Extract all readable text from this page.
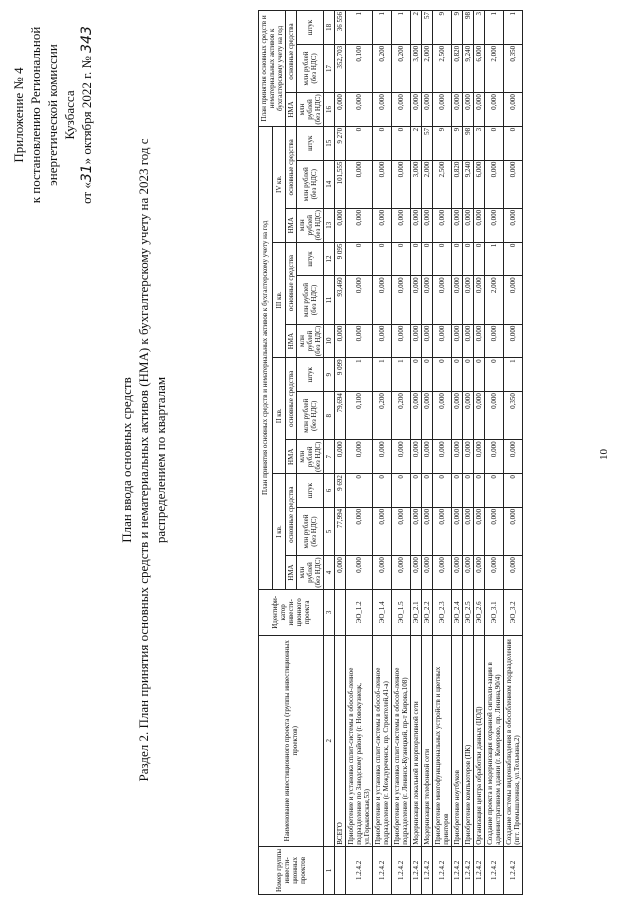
10
Приложение № 4 к постановлению Региональной энергетической комиссии Кузбасса
от «31» октября 2022 г. № 343
План ввода основных средств Раздел 2. План принятия основных средств и нематериальных активов (НМА) к бухгалтерскому учету на 2023 год с распределением по кварталам
Номер группы инвести-ционных проектов	Наименование инвестиционного проекта (группы инвестиционных проектов)	Идентифи-катор инвести-ционного проекта	План принятия основных средств и нематериальных активов к бухгалтерскому учету на год												План принятия основных средств и нематериальных активов к бухгалтерскому учету на год		
			I кв.			II кв.			III кв.			IV кв.					
			НМА	основные средства		НМА	основные средства		НМА	основные средства		НМА	основные средства		НМА	основные средства	
			млн рублей (без НДС)	млн рублей (без НДС)	штук	млн рублей (без НДС)	млн рублей (без НДС)	штук	млн рублей (без НДС)	млн рублей (без НДС)	штук	млн рублей (без НДС)	млн рублей (без НДС)	штук	млн рублей (без НДС)	млн рублей (без НДС)	штук
1	2	3	4	5	6	7	8	9	10	11	12	13	14	15	16	17	18
	ВСЕГО		0,000	77,994	9 692	0,000	79,694	9 099	0,000	93,460	9 095	0,000	101,555	9 270	0,000	352,703	36 556
1.2.4.2	Приобретение и установка сплит-системы в обособ-ленное подразделение по Заводскому району (г. Новокузнецк, ул.Горьковская,53)	ЭО_1.2	0,000	0,000	0	0,000	0,100	1	0,000	0,000	0	0,000	0,000	0	0,000	0,100	1
1.2.4.2	Приобретение и установка сплит-системы в обособ-ленное подразделение (г. Междуреченск, пр. Строителей,41-а)	ЭО_1.4	0,000	0,000	0	0,000	0,200	1	0,000	0,000	0	0,000	0,000	0	0,000	0,200	1
1.2.4.2	Приобретение и установка сплит-системы в обособ-ленное подразделение (г. Ленинск-Кузнецкий, пр-т Кирова,108)	ЭО_1.5	0,000	0,000	0	0,000	0,200	1	0,000	0,000	0	0,000	0,000	0	0,000	0,200	1
1.2.4.2	Модернизация локальной и корпоративной сети	ЭО_2.1	0,000	0,000	0	0,000	0,000	0	0,000	0,000	0	0,000	3,000	2	0,000	3,000	2
1.2.4.2	Модернизация телефонной сети	ЭО_2.2	0,000	0,000	0	0,000	0,000	0	0,000	0,000	0	0,000	2,000	57	0,000	2,000	57
1.2.4.2	Приобретение многофункциональных устройств и цветных принтеров	ЭО_2.3	0,000	0,000	0	0,000	0,000	0	0,000	0,000	0	0,000	2,500	9	0,000	2,500	9
1.2.4.2	Приобретение ноутбуков	ЭО_2.4	0,000	0,000	0	0,000	0,000	0	0,000	0,000	0	0,000	0,820	9	0,000	0,820	9
1.2.4.2	Приобретение компьютеров (ПК)	ЭО_2.5	0,000	0,000	0	0,000	0,000	0	0,000	0,000	0	0,000	9,240	98	0,000	9,240	98
1.2.4.2	Организация центра обработки данных (ЦОД)	ЭО_2.6	0,000	0,000	0	0,000	0,000	0	0,000	0,000	0	0,000	6,000	3	0,000	6,000	3
1.2.4.2	Создание проекта и модернизация охранной сигнали-зации в административном здании (г. Кемерово, пр. Ленина,90/4)	ЭО_3.1	0,000	0,000	0	0,000	0,000	0	0,000	2,000	1	0,000	0,000	0	0,000	2,000	1
1.2.4.2	Создание системы видеонаблюдения в обособленном подразделении (пгт. Промышленная, ул.Тельмана,2)	ЭО_3.2	0,000	0,000	0	0,000	0,350	1	0,000	0,000	0	0,000	0,000	0	0,000	0,350	1
